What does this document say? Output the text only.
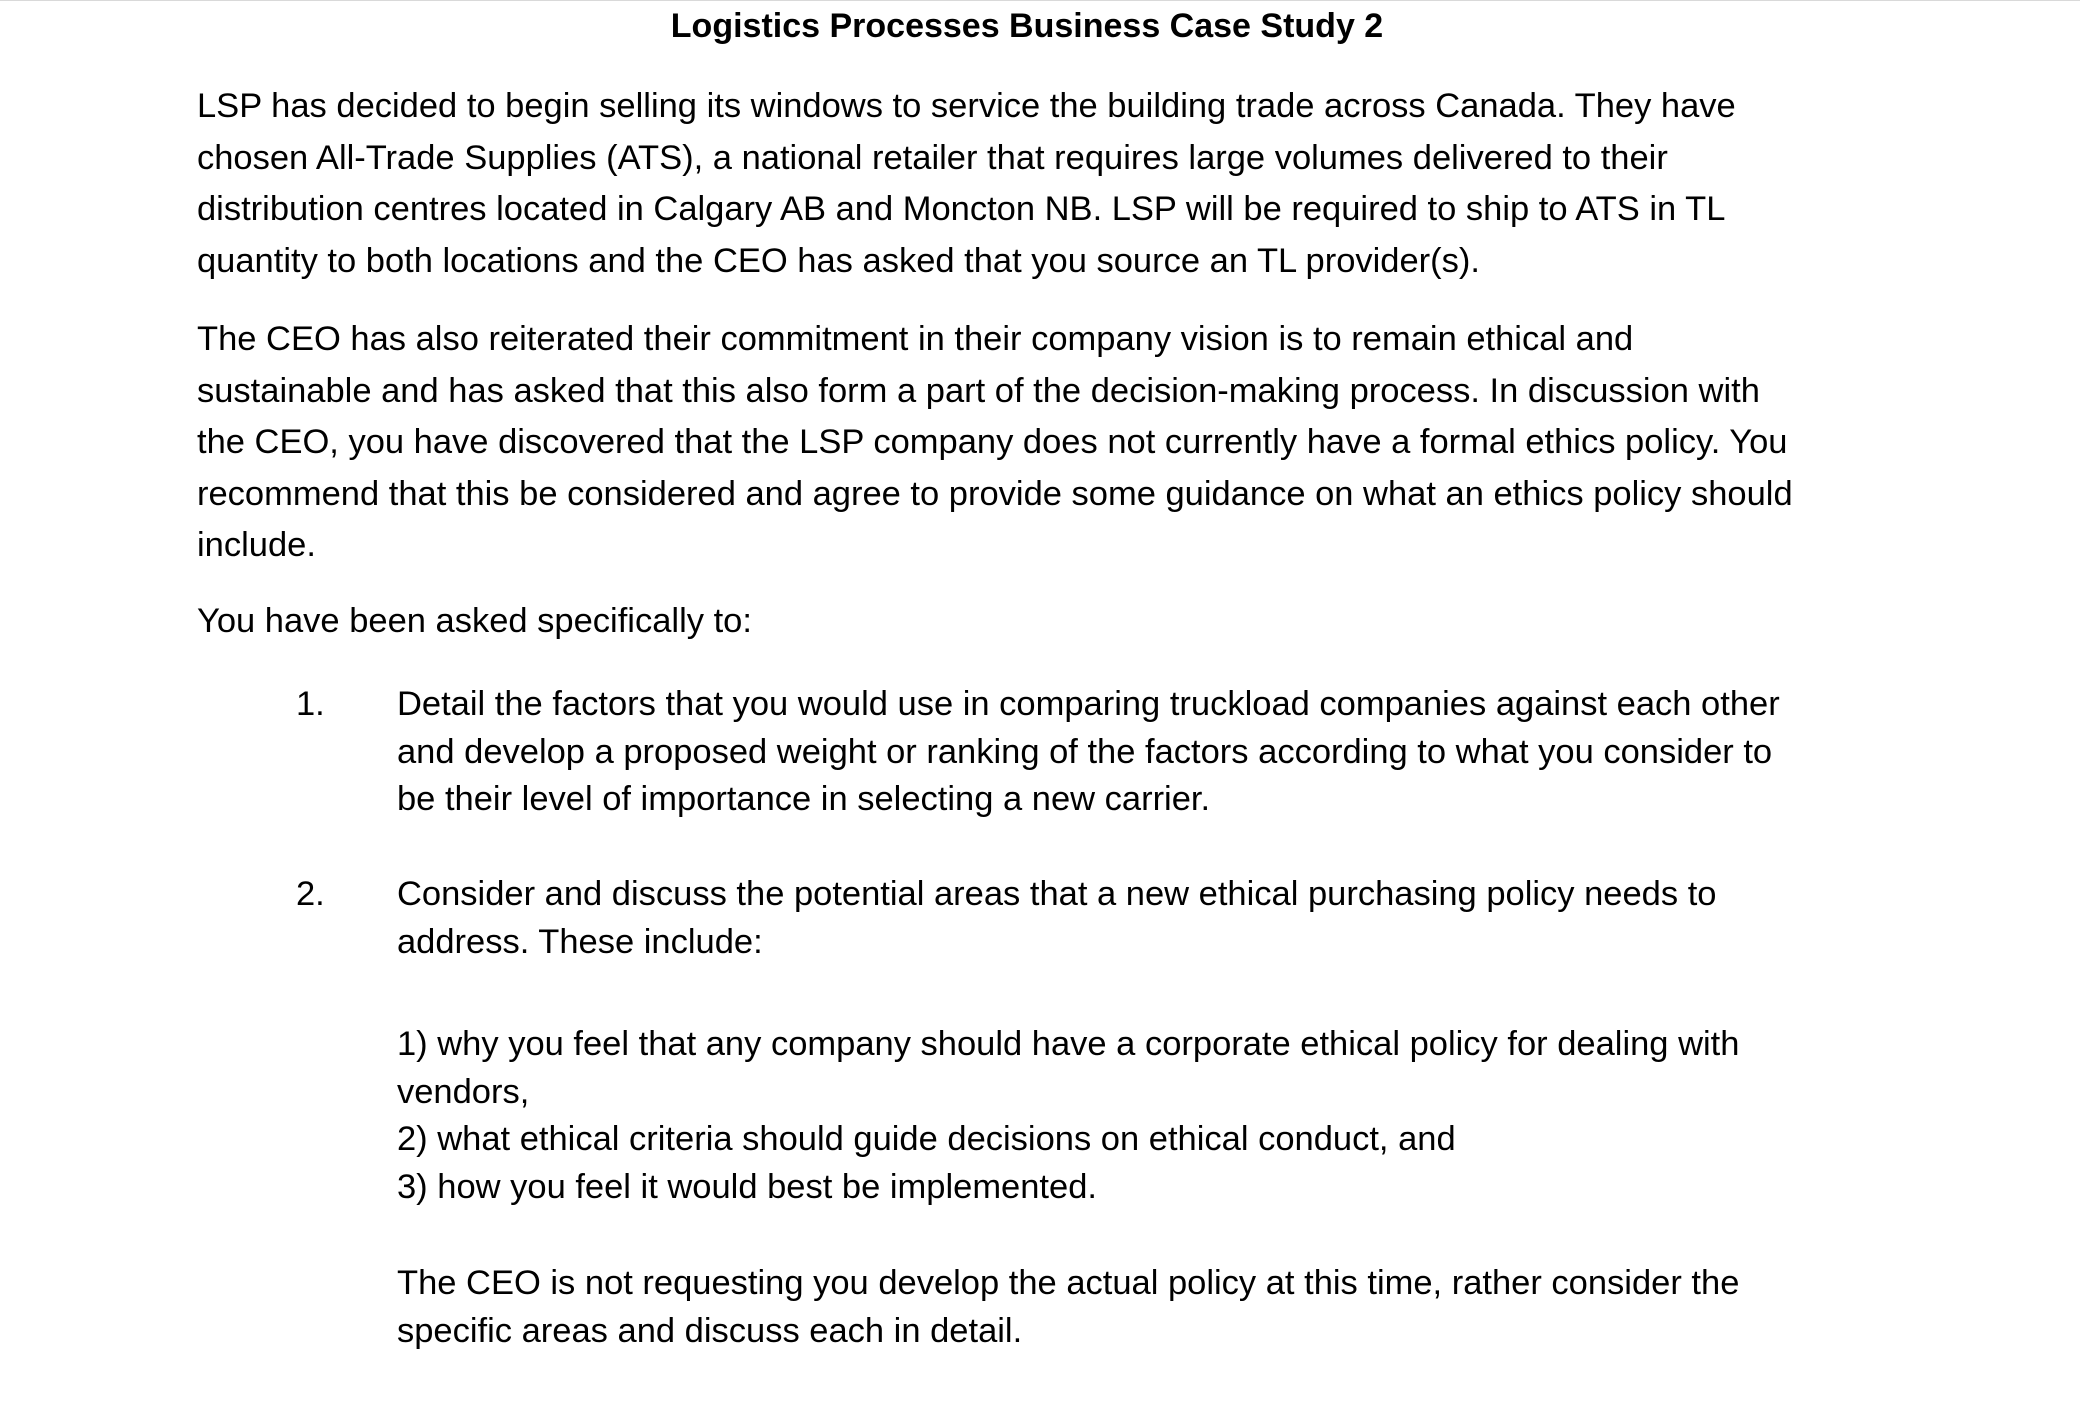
Logistics Processes Business Case Study 2

LSP has decided to begin selling its windows to service the building trade across Canada. They have
chosen All-Trade Supplies (ATS), a national retailer that requires large volumes delivered to their
distribution centres located in Calgary AB and Moncton NB. LSP will be required to ship to ATS in TL
quantity to both locations and the CEO has asked that you source an TL provider(s).

The CEO has also reiterated their commitment in their company vision is to remain ethical and
sustainable and has asked that this also form a part of the decision-making process. In discussion with
the CEO, you have discovered that the LSP company does not currently have a formal ethics policy. You
recommend that this be considered and agree to provide some guidance on what an ethics policy should
include.

You have been asked specifically to:

1. Detail the factors that you would use in comparing truckload companies against each other
and develop a proposed weight or ranking of the factors according to what you consider to
be their level of importance in selecting a new carrier.
2. Consider and discuss the potential areas that a new ethical purchasing policy needs to
address. These include:
1) why you feel that any company should have a corporate ethical policy for dealing with
vendors,
2) what ethical criteria should guide decisions on ethical conduct, and
3) how you feel it would best be implemented.
The CEO is not requesting you develop the actual policy at this time, rather consider the
specific areas and discuss each in detail.
